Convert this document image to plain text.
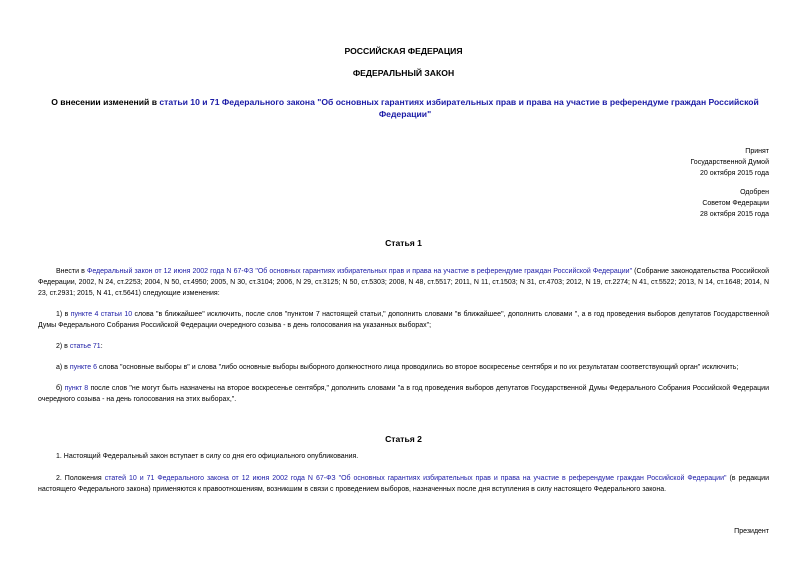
РОССИЙСКАЯ ФЕДЕРАЦИЯ
ФЕДЕРАЛЬНЫЙ ЗАКОН
О внесении изменений в статьи 10 и 71 Федерального закона "Об основных гарантиях избирательных прав и права на участие в референдуме граждан Российской Федерации"
Принят
Государственной Думой
20 октября 2015 года
Одобрен
Советом Федерации
28 октября 2015 года
Статья 1
Внести в Федеральный закон от 12 июня 2002 года N 67-ФЗ "Об основных гарантиях избирательных прав и права на участие в референдуме граждан Российской Федерации" (Собрание законодательства Российской Федерации, 2002, N 24, ст.2253; 2004, N 50, ст.4950; 2005, N 30, ст.3104; 2006, N 29, ст.3125; N 50, ст.5303; 2008, N 48, ст.5517; 2011, N 11, ст.1503; N 31, ст.4703; 2012, N 19, ст.2274; N 41, ст.5522; 2013, N 14, ст.1648; 2014, N 23, ст.2931; 2015, N 41, ст.5641) следующие изменения:
1) в пункте 4 статьи 10 слова "в ближайшее" исключить, после слов "пунктом 7 настоящей статьи," дополнить словами "в ближайшее", дополнить словами ", а в год проведения выборов депутатов Государственной Думы Федерального Собрания Российской Федерации очередного созыва - в день голосования на указанных выборах";
2) в статье 71:
а) в пункте 6 слова "основные выборы в" и слова "либо основные выборы выборного должностного лица проводились во второе воскресенье сентября и по их результатам соответствующий орган" исключить;
б) пункт 8 после слов "не могут быть назначены на второе воскресенье сентября," дополнить словами "а в год проведения выборов депутатов Государственной Думы Федерального Собрания Российской Федерации очередного созыва - на день голосования на этих выборах,".
Статья 2
1. Настоящий Федеральный закон вступает в силу со дня его официального опубликования.
2. Положения статей 10 и 71 Федерального закона от 12 июня 2002 года N 67-ФЗ "Об основных гарантиях избирательных прав и права на участие в референдуме граждан Российской Федерации" (в редакции настоящего Федерального закона) применяются к правоотношениям, возникшим в связи с проведением выборов, назначенных после дня вступления в силу настоящего Федерального закона.
Президент
